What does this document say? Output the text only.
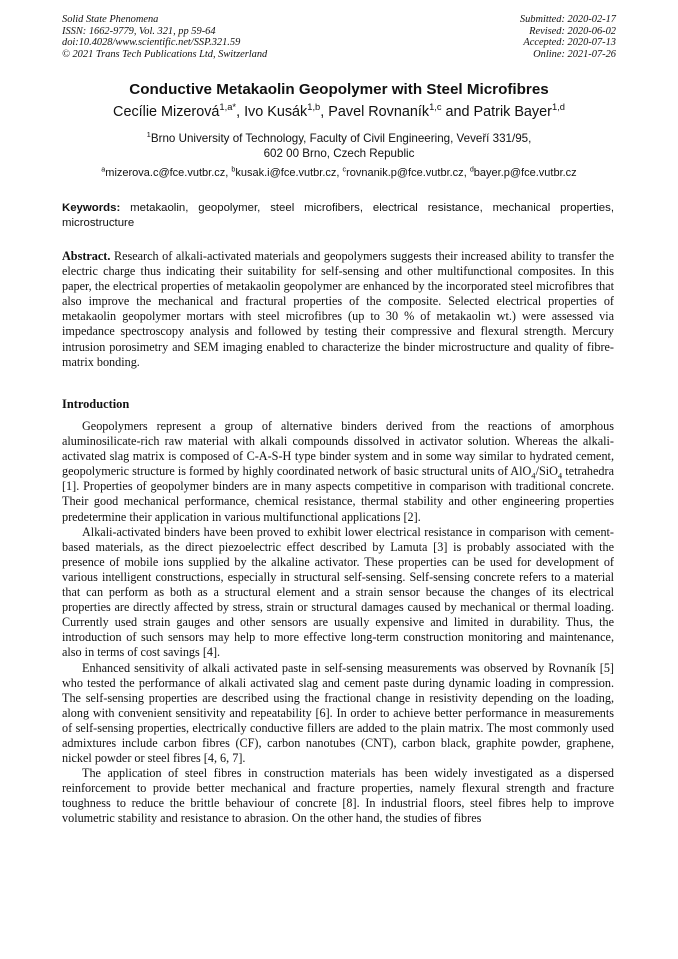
Solid State Phenomena
ISSN: 1662-9779, Vol. 321, pp 59-64
doi:10.4028/www.scientific.net/SSP.321.59
© 2021 Trans Tech Publications Ltd, Switzerland
Submitted: 2020-02-17
Revised: 2020-06-02
Accepted: 2020-07-13
Online: 2021-07-26
Conductive Metakaolin Geopolymer with Steel Microfibres
Cecílie Mizerová$^{1,a*}$, Ivo Kusák$^{1,b}$, Pavel Rovnaník$^{1,c}$ and Patrik Bayer$^{1,d}$
$^1$Brno University of Technology, Faculty of Civil Engineering, Veveří 331/95,
602 00 Brno, Czech Republic
$^a$mizerova.c@fce.vutbr.cz, $^b$kusak.i@fce.vutbr.cz, $^c$rovnanik.p@fce.vutbr.cz, $^d$bayer.p@fce.vutbr.cz
Keywords: metakaolin, geopolymer, steel microfibers, electrical resistance, mechanical properties, microstructure
Abstract. Research of alkali-activated materials and geopolymers suggests their increased ability to transfer the electric charge thus indicating their suitability for self-sensing and other multifunctional composites. In this paper, the electrical properties of metakaolin geopolymer are enhanced by the incorporated steel microfibres that also improve the mechanical and fractural properties of the composite. Selected electrical properties of metakaolin geopolymer mortars with steel microfibres (up to 30 % of metakaolin wt.) were assessed via impedance spectroscopy analysis and followed by testing their compressive and flexural strength. Mercury intrusion porosimetry and SEM imaging enabled to characterize the binder microstructure and quality of fibre-matrix bonding.
Introduction

Geopolymers represent a group of alternative binders derived from the reactions of amorphous aluminosilicate-rich raw material with alkali compounds dissolved in activator solution. Whereas the alkali-activated slag matrix is composed of C-A-S-H type binder system and in some way similar to hydrated cement, geopolymeric structure is formed by highly coordinated network of basic structural units of AlO$_4$/SiO$_4$ tetrahedra [1]. Properties of geopolymer binders are in many aspects competitive in comparison with traditional concrete. Their good mechanical performance, chemical resistance, thermal stability and other engineering properties predetermine their application in various multifunctional applications [2].

Alkali-activated binders have been proved to exhibit lower electrical resistance in comparison with cement-based materials, as the direct piezoelectric effect described by Lamuta [3] is probably associated with the presence of mobile ions supplied by the alkaline activator. These properties can be used for development of various intelligent constructions, especially in structural self-sensing. Self-sensing concrete refers to a material that can perform as both as a structural element and a strain sensor because the changes of its electrical properties are directly affected by stress, strain or structural damages caused by mechanical or thermal loading. Currently used strain gauges and other sensors are usually expensive and limited in durability. Thus, the introduction of such sensors may help to more effective long-term construction monitoring and maintenance, also in terms of cost savings [4].

Enhanced sensitivity of alkali activated paste in self-sensing measurements was observed by Rovnaník [5] who tested the performance of alkali activated slag and cement paste during dynamic loading in compression. The self-sensing properties are described using the fractional change in resistivity depending on the loading, along with convenient sensitivity and repeatability [6]. In order to achieve better performance in measurements of self-sensing properties, electrically conductive fillers are added to the plain matrix. The most commonly used admixtures include carbon fibres (CF), carbon nanotubes (CNT), carbon black, graphite powder, graphene, nickel powder or steel fibres [4, 6, 7].

The application of steel fibres in construction materials has been widely investigated as a dispersed reinforcement to provide better mechanical and fracture properties, namely flexural strength and fracture toughness to reduce the brittle behaviour of concrete [8]. In industrial floors, steel fibres help to improve volumetric stability and resistance to abrasion. On the other hand, the studies of fibres
